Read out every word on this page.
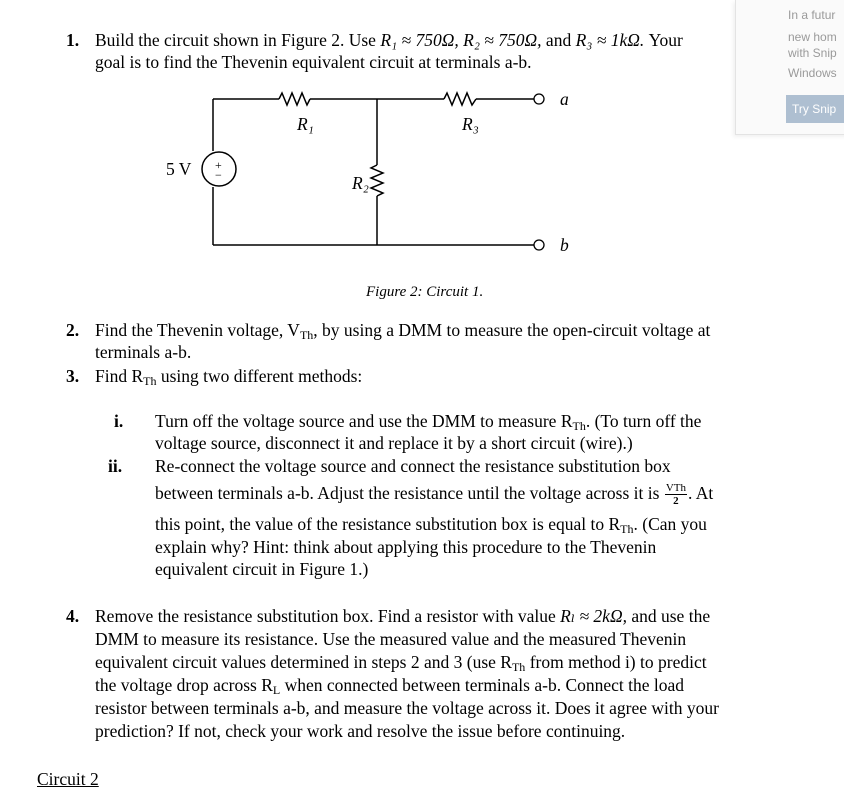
In a futur
new hom
with Snip
Windows
Try Snip
1. Build the circuit shown in Figure 2. Use R₁ ≈ 750Ω, R₂ ≈ 750Ω, and R₃ ≈ 1kΩ. Your
goal is to find the Thevenin equivalent circuit at terminals a-b.
R₁	R₃
R₂
5 V +
−
a
b
Figure 2: Circuit 1.
2. Find the Thevenin voltage, $V_{Th}$, by using a DMM to measure the open-circuit voltage at
terminals a-b.
3. Find $R_{Th}$ using two different methods:
i. Turn off the voltage source and use the DMM to measure $R_{Th}$. (To turn off the
voltage source, disconnect it and replace it by a short circuit (wire).)
ii. Re-connect the voltage source and connect the resistance substitution box
between terminals a-b. Adjust the resistance until the voltage across it is $\frac{\text{VTh}}{2}$ . At
this point, the value of the resistance substitution box is equal to $R_{Th}$. (Can you
explain why? Hint: think about applying this procedure to the Thevenin
equivalent circuit in Figure 1.)
4. Remove the resistance substitution box. Find a resistor with value Rₗ ≈ 2kΩ, and use the
DMM to measure its resistance. Use the measured value and the measured Thevenin
equivalent circuit values determined in steps 2 and 3 (use $R_{Th}$ from method i) to predict
the voltage drop across $R_L$ when connected between terminals a-b. Connect the load
resistor between terminals a-b, and measure the voltage across it. Does it agree with your
prediction? If not, check your work and resolve the issue before continuing.
Circuit 2
